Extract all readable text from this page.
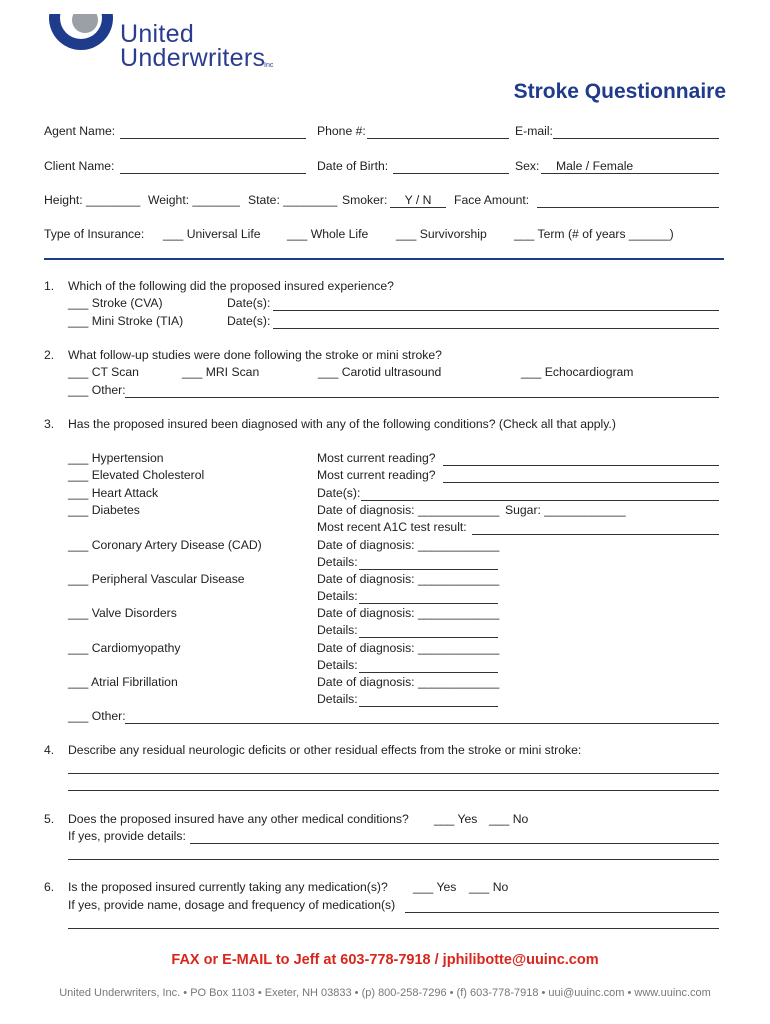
United
Underwriters
Inc
Stroke Questionnaire
Agent Name:	Phone #:	E-mail:
Client Name:	Date of Birth:	Sex:	Male / Female
Height: ________ Weight: _______ State: ________ Smoker:	Y / N	Face Amount:
Type of Insurance: ___ Universal Life ___ Whole Life ___ Survivorship ___ Term (# of years ______)
1. Which of the following did the proposed insured experience?
___ Stroke (CVA)	Date(s):
___ Mini Stroke (TIA)	Date(s):
2. What follow-up studies were done following the stroke or mini stroke?
___ CT Scan	___ MRI Scan	___ Carotid ultrasound	___ Echocardiogram
___ Other:
3. Has the proposed insured been diagnosed with any of the following conditions? (Check all that apply.)
___ Hypertension	Most current reading?
___ Elevated Cholesterol	Most current reading?
___ Heart Attack	Date(s):
___ Diabetes	Date of diagnosis: ____________ Sugar: ____________
Most recent A1C test result:
___ Coronary Artery Disease (CAD)	Date of diagnosis: ____________
Details:
___ Peripheral Vascular Disease	Date of diagnosis: ____________
Details:
___ Valve Disorders	Date of diagnosis: ____________
Details:
___ Cardiomyopathy	Date of diagnosis: ____________
Details:
___ Atrial Fibrillation	Date of diagnosis: ____________
Details:
___ Other:
4. Describe any residual neurologic deficits or other residual effects from the stroke or mini stroke:
5. Does the proposed insured have any other medical conditions? ___ Yes ___ No
If yes, provide details:
6. Is the proposed insured currently taking any medication(s)? ___ Yes ___ No
If yes, provide name, dosage and frequency of medication(s)
FAX or E-MAIL to Jeff at 603-778-7918 / jphilibotte@uuinc.com
United Underwriters, Inc. • PO Box 1103 • Exeter, NH 03833 • (p) 800-258-7296 • (f) 603-778-7918 • uui@uuinc.com • www.uuinc.com
